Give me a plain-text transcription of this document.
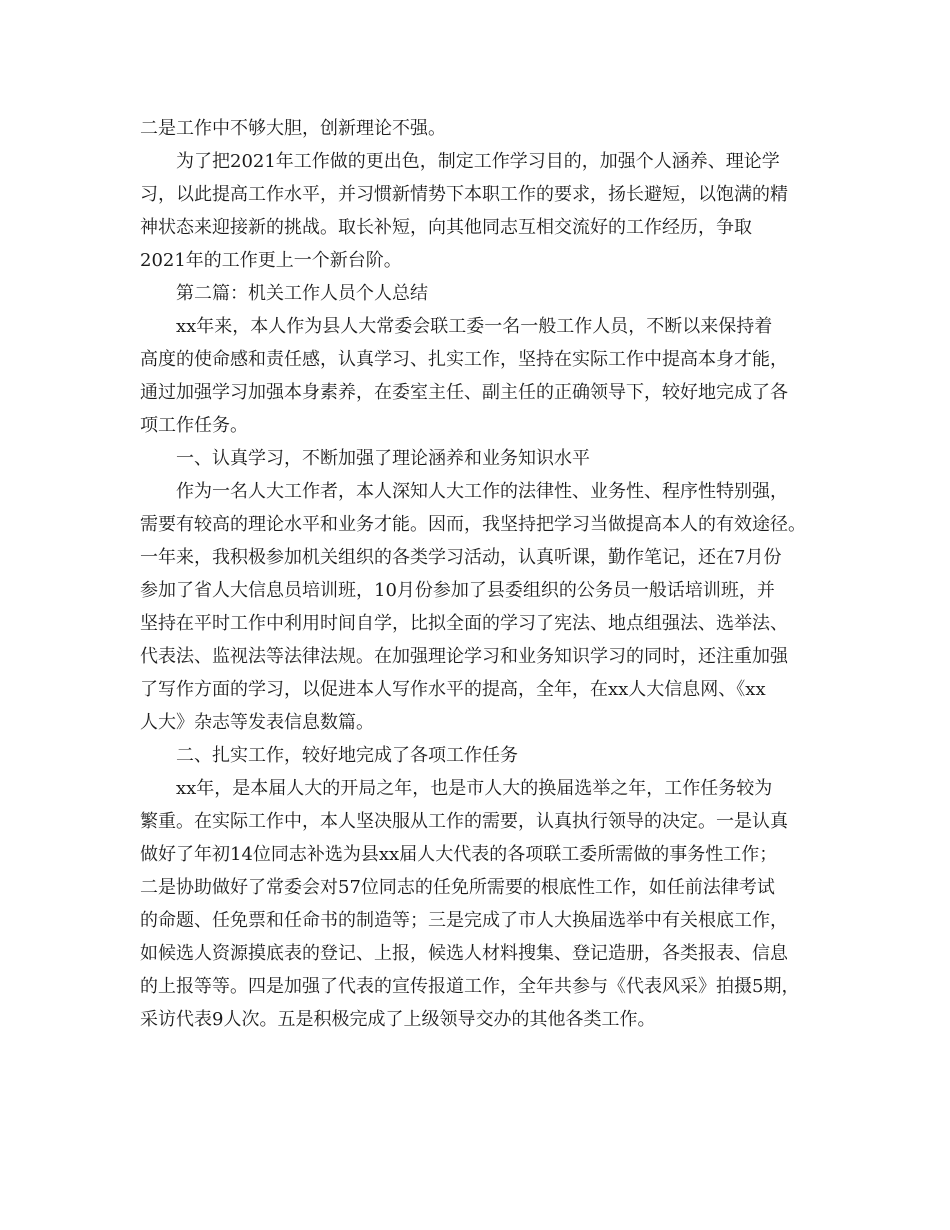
二是工作中不够大胆，创新理论不强。
为了把2021年工作做的更出色，制定工作学习目的，加强个人涵养、理论学
习，以此提高工作水平，并习惯新情势下本职工作的要求，扬长避短，以饱满的精
神状态来迎接新的挑战。取长补短，向其他同志互相交流好的工作经历，争取
2021年的工作更上一个新台阶。
第二篇：机关工作人员个人总结
xx年来，本人作为县人大常委会联工委一名一般工作人员，不断以来保持着
高度的使命感和责任感，认真学习、扎实工作，坚持在实际工作中提高本身才能，
通过加强学习加强本身素养，在委室主任、副主任的正确领导下，较好地完成了各
项工作任务。
一、认真学习，不断加强了理论涵养和业务知识水平
作为一名人大工作者，本人深知人大工作的法律性、业务性、程序性特别强，
需要有较高的理论水平和业务才能。因而，我坚持把学习当做提高本人的有效途径。
一年来，我积极参加机关组织的各类学习活动，认真听课，勤作笔记，还在7月份
参加了省人大信息员培训班，10月份参加了县委组织的公务员一般话培训班，并
坚持在平时工作中利用时间自学，比拟全面的学习了宪法、地点组强法、选举法、
代表法、监视法等法律法规。在加强理论学习和业务知识学习的同时，还注重加强
了写作方面的学习，以促进本人写作水平的提高，全年，在xx人大信息网、《xx
人大》杂志等发表信息数篇。
二、扎实工作，较好地完成了各项工作任务
xx年，是本届人大的开局之年，也是市人大的换届选举之年，工作任务较为
繁重。在实际工作中，本人坚决服从工作的需要，认真执行领导的决定。一是认真
做好了年初14位同志补选为县xx届人大代表的各项联工委所需做的事务性工作；
二是协助做好了常委会对57位同志的任免所需要的根底性工作，如任前法律考试
的命题、任免票和任命书的制造等；三是完成了市人大换届选举中有关根底工作，
如候选人资源摸底表的登记、上报，候选人材料搜集、登记造册，各类报表、信息
的上报等等。四是加强了代表的宣传报道工作，全年共参与《代表风采》拍摄5期，
采访代表9人次。五是积极完成了上级领导交办的其他各类工作。
